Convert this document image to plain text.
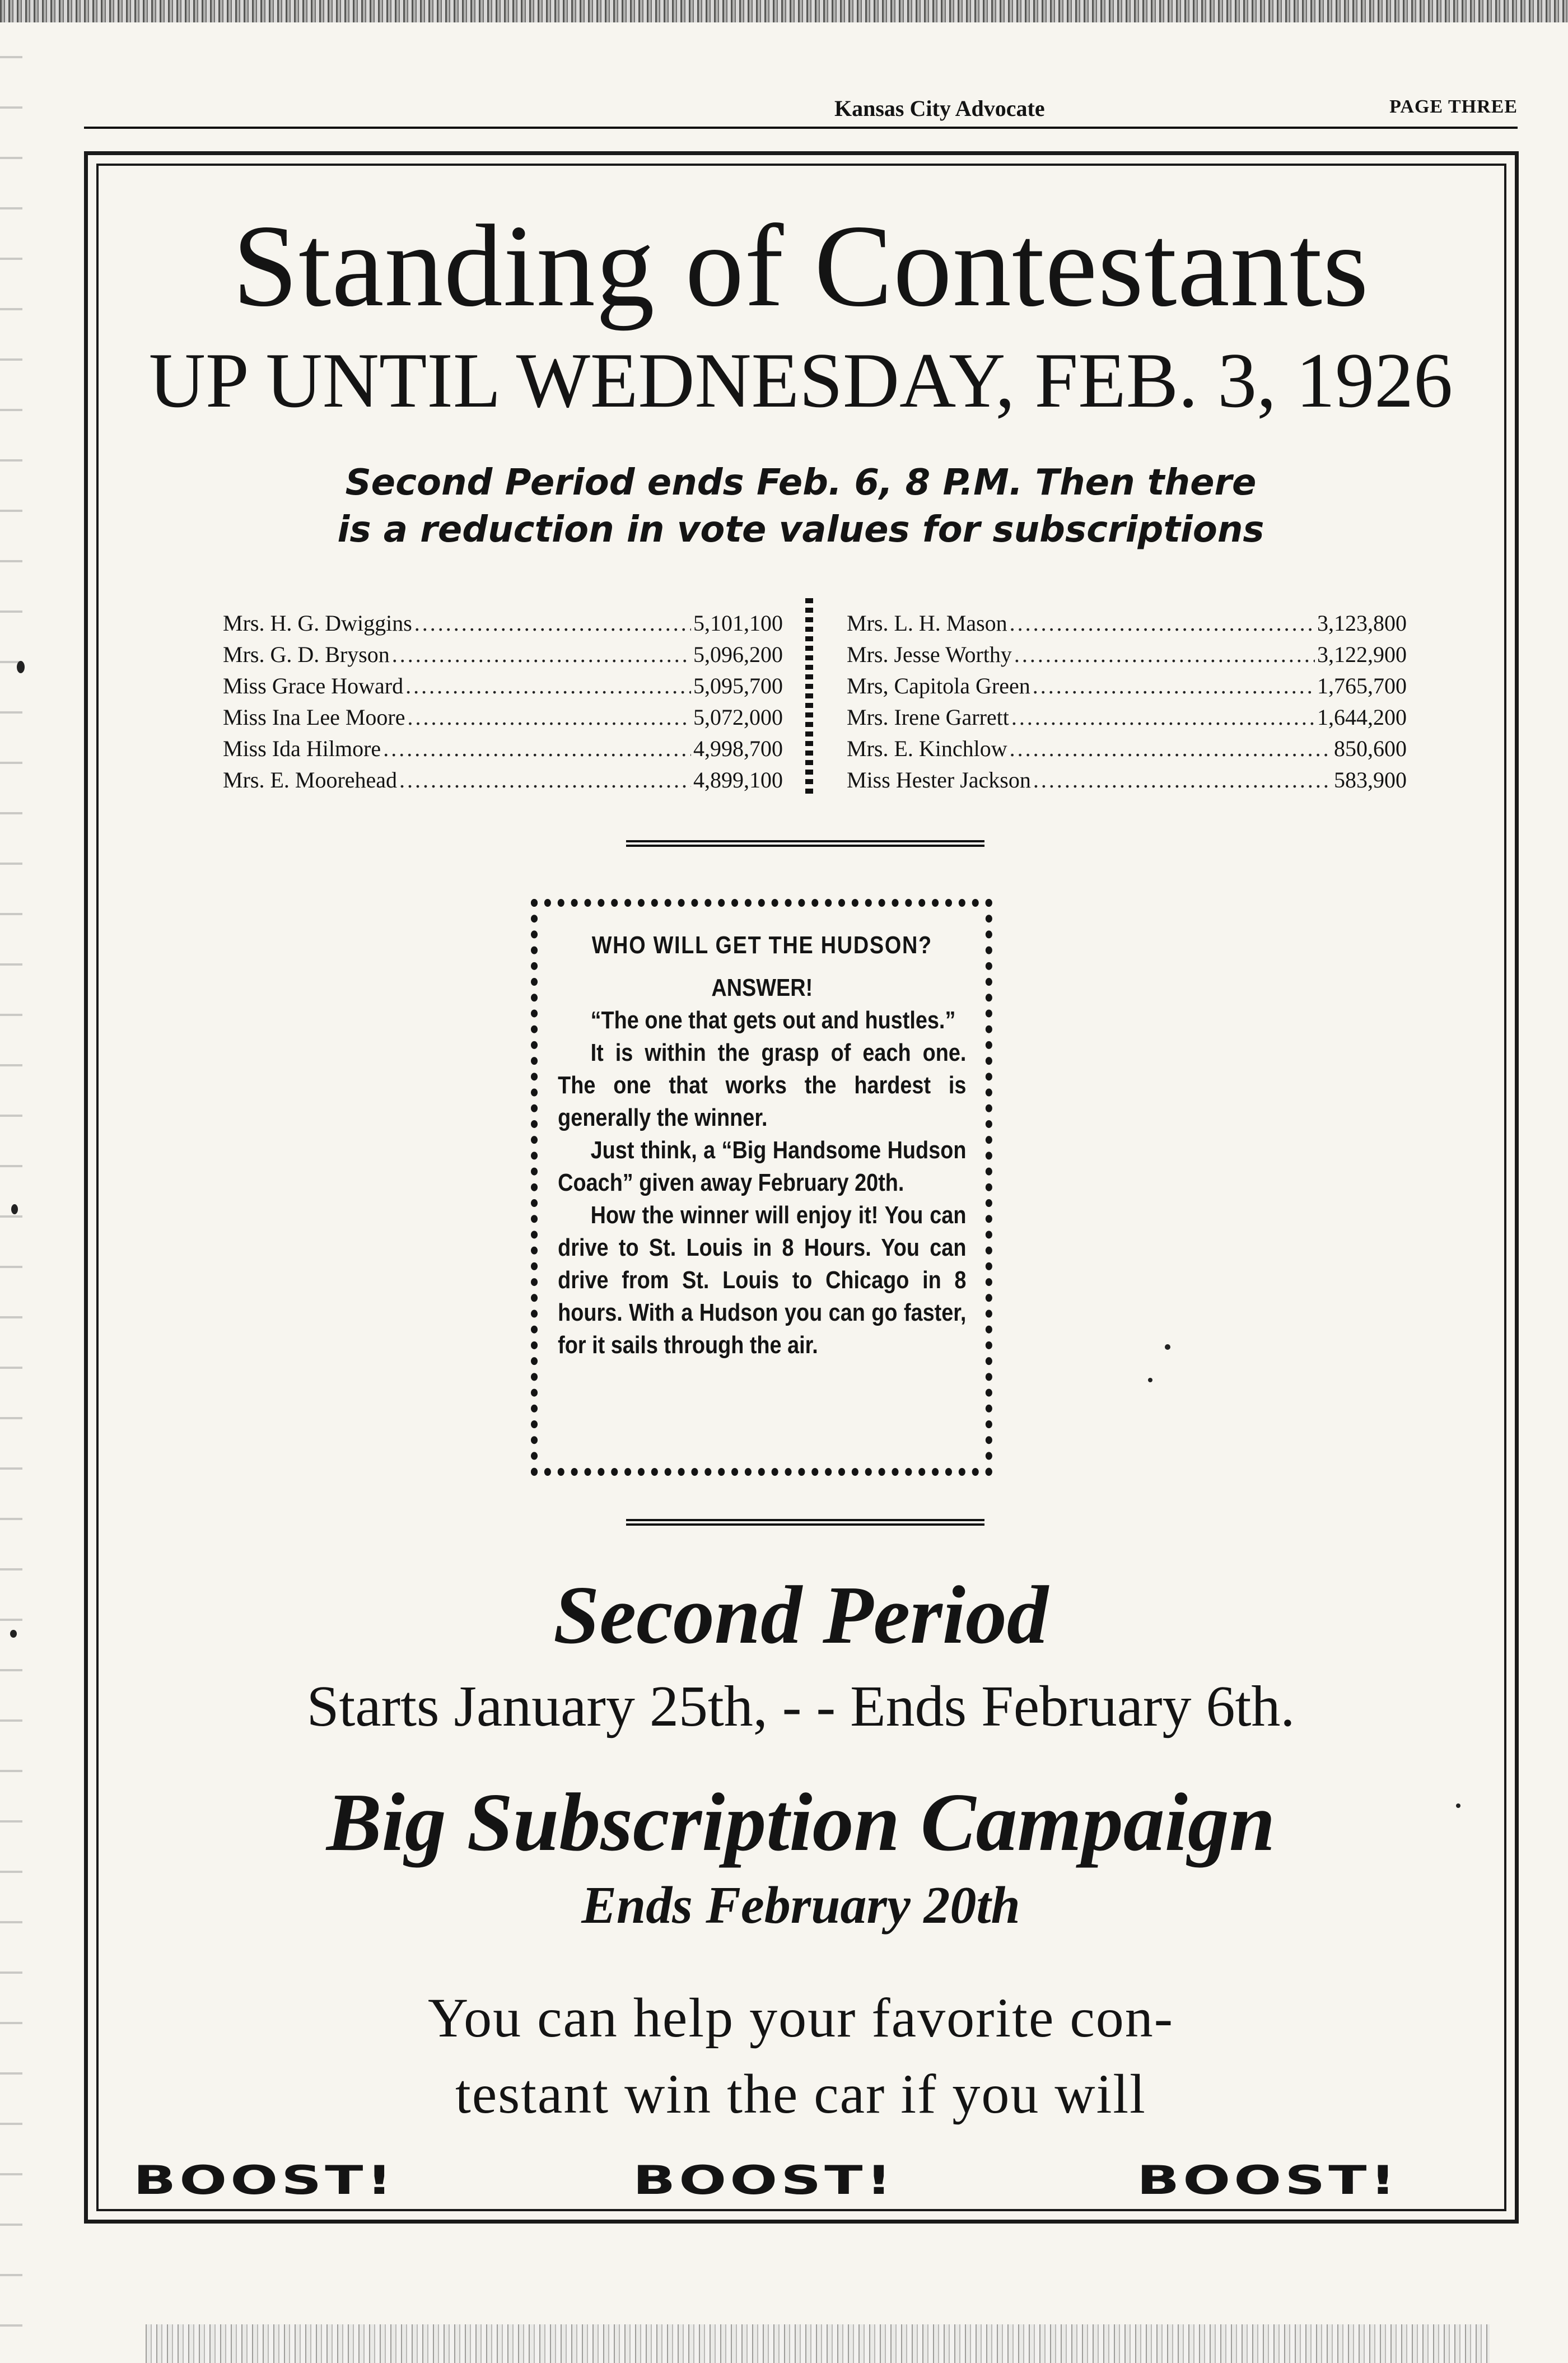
Kansas City Advocate	PAGE THREE
Standing of Contestants
UP UNTIL WEDNESDAY, FEB. 3, 1926
Second Period ends Feb. 6, 8 P.M. Then there
is a reduction in vote values for subscriptions
Mrs. H. G. Dwiggins .....	5,101,100
Mrs. G. D. Bryson .....	5,096,200
Miss Grace Howard .....	5,095,700
Miss Ina Lee Moore .....	5,072,000
Miss Ida Hilmore .....	4,998,700
Mrs. E. Moorehead .....	4,899,100
Mrs. L. H. Mason .....	3,123,800
Mrs. Jesse Worthy .....	3,122,900
Mrs, Capitola Green .....	1,765,700
Mrs. Irene Garrett .....	1,644,200
Mrs. E. Kinchlow .....	850,600
Miss Hester Jackson .....	583,900
WHO WILL GET THE HUDSON?
ANSWER!

“The one that gets out and hustles.”

It is within the grasp of each one. The one that works the hardest is generally the winner.

Just think, a “Big Handsome Hudson Coach” given away February 20th.

How the winner will enjoy it! You can drive to St. Louis in 8 Hours. You can drive from St. Louis to Chicago in 8 hours. With a Hudson you can go faster, for it sails through the air.

Second Period
Starts January 25th, - - Ends February 6th.
Big Subscription Campaign
Ends February 20th
You can help your favorite con-
testant win the car if you will
BOOST!	BOOST!	BOOST!
